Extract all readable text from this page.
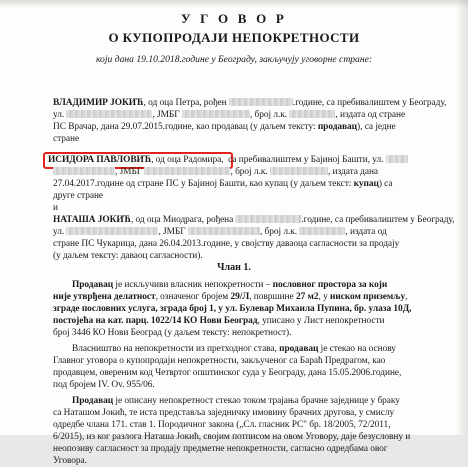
У Г О В О Р
О КУПОПРОДАЈИ НЕПОКРЕТНОСТИ
који дана 19.10.2018.године у Београду, закључују уговорне стране:
ВЛАДИМИР ЈОКИЋ, од оца Петра, рођен	.године, са пребивалиштем у Београду,
ул.	, ЈМБГ	, број л.к.	, издата од стране
ПС Врачар, дана 29.07.2015.године, као продавац (у даљем тексту: продавац), са једне
стране
ИСИДОРА ПАВЛОВИЋ, од оца Радомира, са пребивалиштем у Бајиној Башти, ул.
, ЈМБГ	, број л.к.	, издата дана
27.04.2017.године од стране ПС у Бајиној Башти, као купац (у даљем текст: купац) са
друге стране
и
НАТАША ЈОКИЋ, од оца Миодрага, рођена	.године, са пребивалиштем у Београду,
ул.	, ЈМБГ	, број л.к.	, издата од
стране ПС Чукарица, дана 26.04.2013.године, у својству даваоца сагласности за продају
(у даљем тексту: даваоц сагласности).
Члан 1.
Продавац је искључиви власник непокретности – пословног простора за који
није утврђена делатност, означеног бројем 29/Л, површине 27 м2, у ниском приземљу,
зграде пословних услуга, зграда број 1, у ул. Булевар Михаила Пупина, бр. улаза 10Д,
постојећа на кат. парц. 1022/14 КО Нови Београд, уписано у Лист непокретности
број 3446 КО Нови Београд (у даљем тексту: непокретност).
Власништво на непокретности из претходног става, продавац је стекао на основу
Главног уговора о купопродаји непокретности, закљученог са Бараћ Предрагом, као
продавцем, овереним код Четвртог општинског суда у Београду, дана 15.05.2006.године,
под бројем IV. Ov. 955/06.
Продавац је описану непокретност стекао током трајања брачне заједнице у браку
са Наташом Јокић, те иста представља заједничку имовину брачних другова, у смислу
одредбе члана 171. став 1. Породичног закона („Сл. гласник РС" бр. 18/2005, 72/2011,
6/2015), из ког разлога Наташа Јокић, својим потписом на овом Уговору, даје безусловну и
неопозиву сагласност за продају предметне непокретности, сагласно одредбама овог
Уговора.
